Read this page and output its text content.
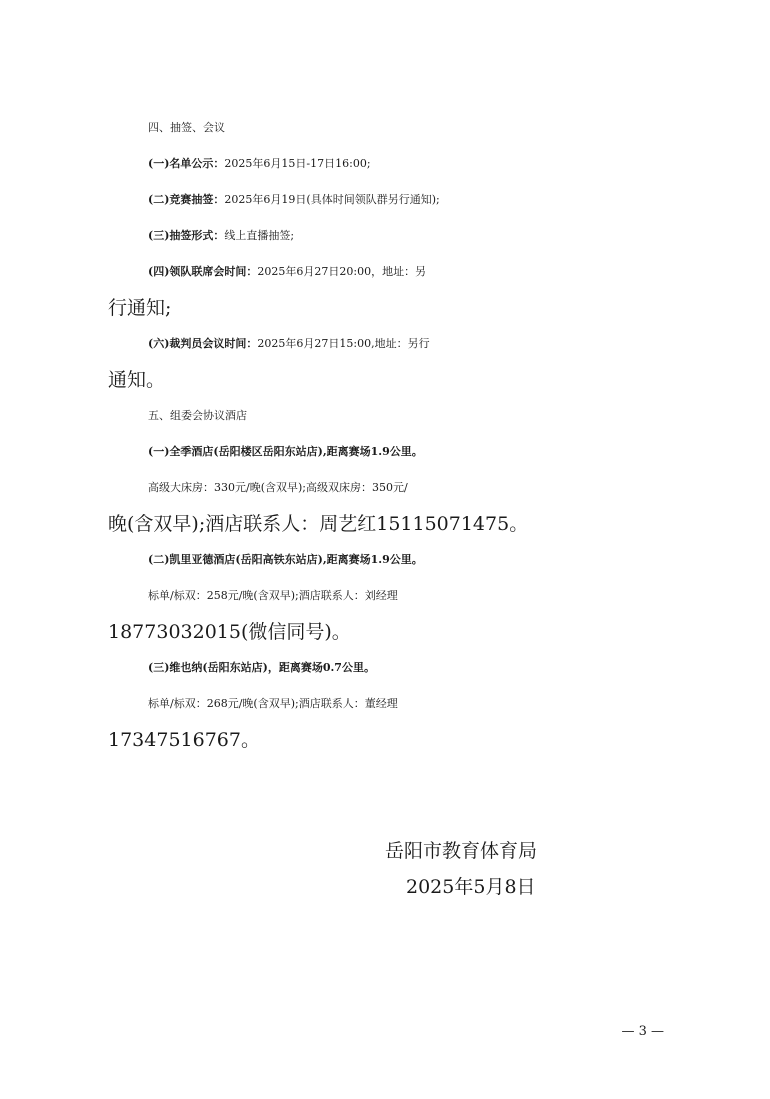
四、抽签、会议
(一)名单公示：2025年6月15日-17日16:00;
(二)竞赛抽签：2025年6月19日(具体时间领队群另行通知);
(三)抽签形式：线上直播抽签;
(四)领队联席会时间：2025年6月27日20:00，地址：另
行通知;
(六)裁判员会议时间：2025年6月27日15:00,地址：另行
通知。
五、组委会协议酒店
(一)全季酒店(岳阳楼区岳阳东站店),距离赛场1.9公里。
高级大床房：330元/晚(含双早);高级双床房：350元/
晚(含双早);酒店联系人：周艺红15115071475。
(二)凯里亚德酒店(岳阳高铁东站店),距离赛场1.9公里。
标单/标双：258元/晚(含双早);酒店联系人：刘经理
18773032015(微信同号)。
(三)维也纳(岳阳东站店)，距离赛场0.7公里。
标单/标双：268元/晚(含双早);酒店联系人：董经理
17347516767。
岳阳市教育体育局
2025年5月8日
— 3 —
